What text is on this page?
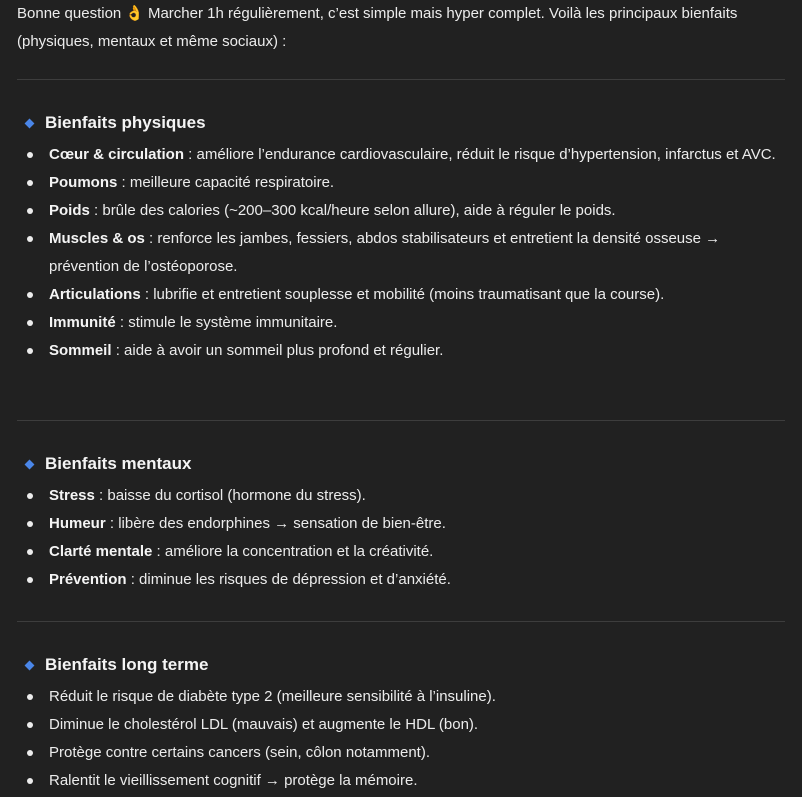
Bonne question 👌 Marcher 1h régulièrement, c’est simple mais hyper complet. Voilà les principaux bienfaits (physiques, mentaux et même sociaux) :

Bienfaits physiques
Cœur & circulation : améliore l’endurance cardiovasculaire, réduit le risque d’hypertension, infarctus et AVC.
Poumons : meilleure capacité respiratoire.
Poids : brûle des calories (~200–300 kcal/heure selon allure), aide à réguler le poids.
Muscles & os : renforce les jambes, fessiers, abdos stabilisateurs et entretient la densité osseuse → prévention de l’ostéoporose.
Articulations : lubrifie et entretient souplesse et mobilité (moins traumatisant que la course).
Immunité : stimule le système immunitaire.
Sommeil : aide à avoir un sommeil plus profond et régulier.
Bienfaits mentaux
Stress : baisse du cortisol (hormone du stress).
Humeur : libère des endorphines → sensation de bien-être.
Clarté mentale : améliore la concentration et la créativité.
Prévention : diminue les risques de dépression et d’anxiété.
Bienfaits long terme
Réduit le risque de diabète type 2 (meilleure sensibilité à l’insuline).
Diminue le cholestérol LDL (mauvais) et augmente le HDL (bon).
Protège contre certains cancers (sein, côlon notamment).
Ralentit le vieillissement cognitif → protège la mémoire.
